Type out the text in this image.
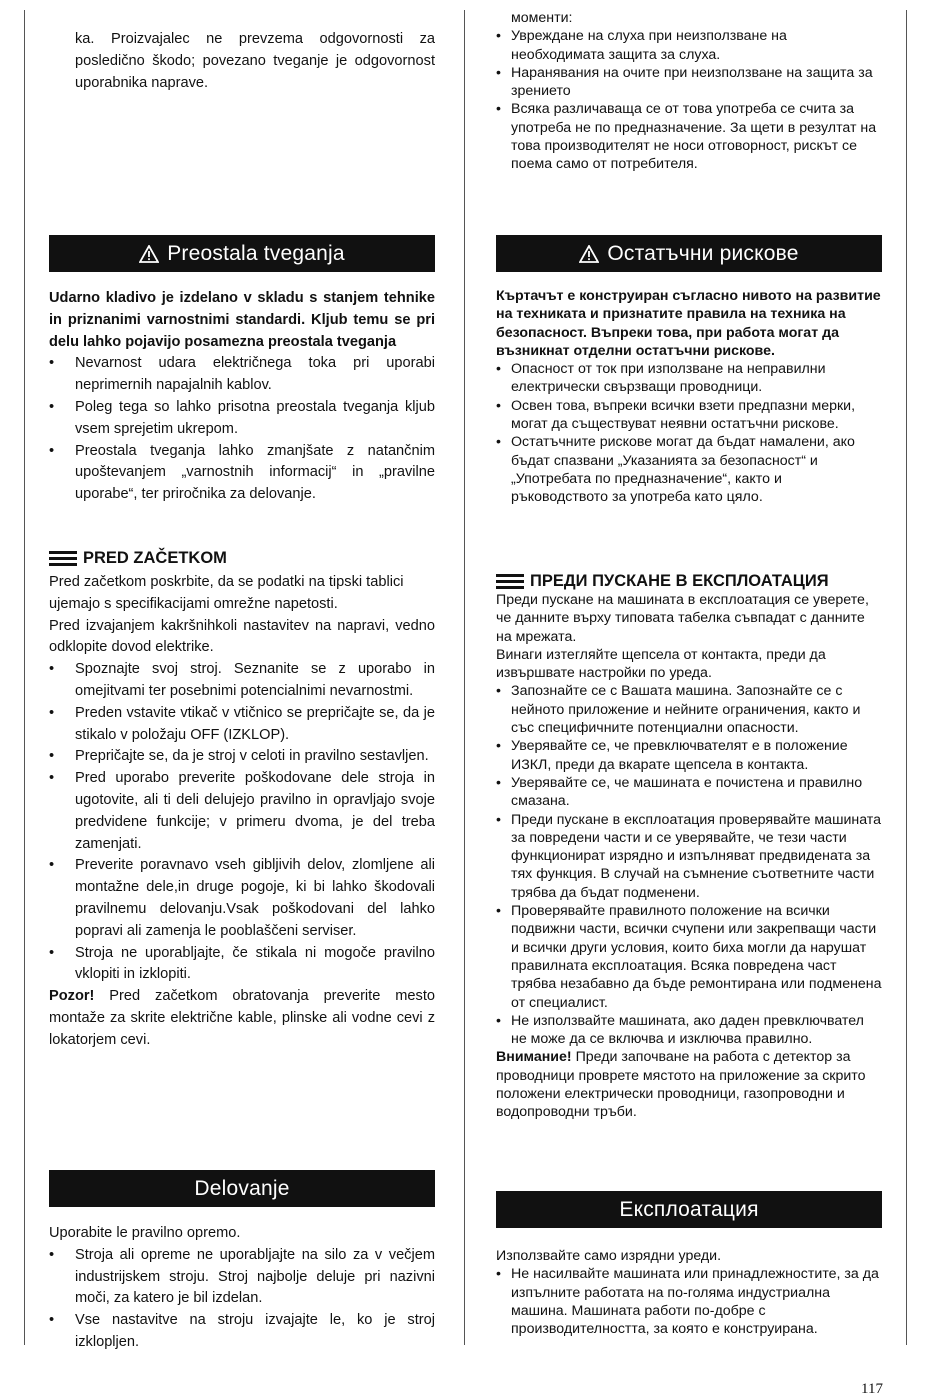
ka. Proizvajalec ne prevzema odgovornosti za posledično škodo; povezano tveganje je odgovornost uporabnika naprave.

Preostala tveganja

Udarno kladivo je izdelano v skladu s stanjem tehnike in priznanimi varnostnimi standardi. Kljub temu se pri delu lahko pojavijo posamezna preostala tveganja

• Nevarnost udara električnega toka pri uporabi neprimernih napajalnih kablov.
• Poleg tega so lahko prisotna preostala tveganja kljub vsem sprejetim ukrepom.
• Preostala tveganja lahko zmanjšate z natančnim upoštevanjem „varnostnih informacij“ in „pravilne uporabe“, ter priročnika za delovanje.
PRED ZAČETKOM

Pred začetkom poskrbite, da se podatki na tipski tablici ujemajo s specifikacijami omrežne napetosti.

Pred izvajanjem kakršnihkoli nastavitev na napravi, vedno odklopite dovod elektrike.

• Spoznajte svoj stroj. Seznanite se z uporabo in omejitvami ter posebnimi potencialnimi nevarnostmi.
• Preden vstavite vtikač v vtičnico se prepričajte se, da je stikalo v položaju OFF (IZKLOP).
• Prepričajte se, da je stroj v celoti in pravilno sestavljen.
• Pred uporabo preverite poškodovane dele stroja in ugotovite, ali ti deli delujejo pravilno in opravljajo svoje predvidene funkcije; v primeru dvoma, je del treba zamenjati.
• Preverite poravnavo vseh gibljivih delov, zlomljene ali montažne dele,in druge pogoje, ki bi lahko škodovali pravilnemu delovanju.Vsak poškodovani del lahko popravi ali zamenja le pooblaščeni serviser.
• Stroja ne uporabljajte, če stikala ni mogoče pravilno vklopiti in izklopiti.

Pozor! Pred začetkom obratovanja preverite mesto montaže za skrite električne kable, plinske ali vodne cevi z lokatorjem cevi.

Delovanje

Uporabite le pravilno opremo.

• Stroja ali opreme ne uporabljajte na silo za v večjem industrijskem stroju. Stroj najbolje deluje pri nazivni moči, za katero je bil izdelan.
• Vse nastavitve na stroju izvajajte le, ko je stroj izklopljen.

моменти:

• Увреждане на слуха при неизползване на необходимата защита за слуха.
• Наранявания на очите при неизползване на защита за зрението
• Всяка различаваща се от това употреба се счита за употреба не по предназначение. За щети в резултат на това производителят не носи отговорност, рискът се поема само от потребителя.
Остатъчни рискове

Къртачът е конструиран съгласно нивото на развитие на техниката и признатите правила на техника на безопасност. Въпреки това, при работа могат да възникнат отделни остатъчни рискове.

• Опасност от ток при използване на неправилни електрически свързващи проводници.
• Освен това, въпреки всички взети предпазни мерки, могат да съществуват неявни остатъчни рискове.
• Остатъчните рискове могат да бъдат намалени, ако бъдат спазвани „Указанията за безопасност“ и „Употребата по предназначение“, както и ръководството за употреба като цяло.
ПРЕДИ ПУСКАНЕ В ЕКСПЛОАТАЦИЯ

Преди пускане на машината в експлоатация се уверете, че данните върху типовата табелка съвпадат с данните на мрежата.

Винаги изтегляйте щепсела от контакта, преди да извършвате настройки по уреда.

• Запознайте се с Вашата машина. Запознайте се с нейното приложение и нейните ограничения, както и със специфичните потенциални опасности.
• Уверявайте се, че превключвателят е в положение ИЗКЛ, преди да вкарате щепсела в контакта.
• Уверявайте се, че машината е почистена и правилно смазана.
• Преди пускане в експлоатация проверявайте машината за повредени части и се уверявайте, че тези части функционират изрядно и изпълняват предвидената за тях функция. В случай на съмнение съответните части трябва да бъдат подменени.
• Проверявайте правилното положение на всички подвижни части, всички счупени или закрепващи части и всички други условия, които биха могли да нарушат правилната експлоатация. Всяка повредена част трябва незабавно да бъде ремонтирана или подменена от специалист.
• Не използвайте машината, ако даден превключвател не може да се включва и изключва правилно.

Внимание! Преди започване на работа с детектор за проводници проврете мястото на приложение за скрито положени електрически проводници, газопроводни и водопроводни тръби.

Експлоатация

Използвайте само изрядни уреди.

• Не насилвайте машината или принадлежностите, за да изпълните работата на по-голяма индустриална машина. Машината работи по-добре с производителността, за която е конструирана.
117
